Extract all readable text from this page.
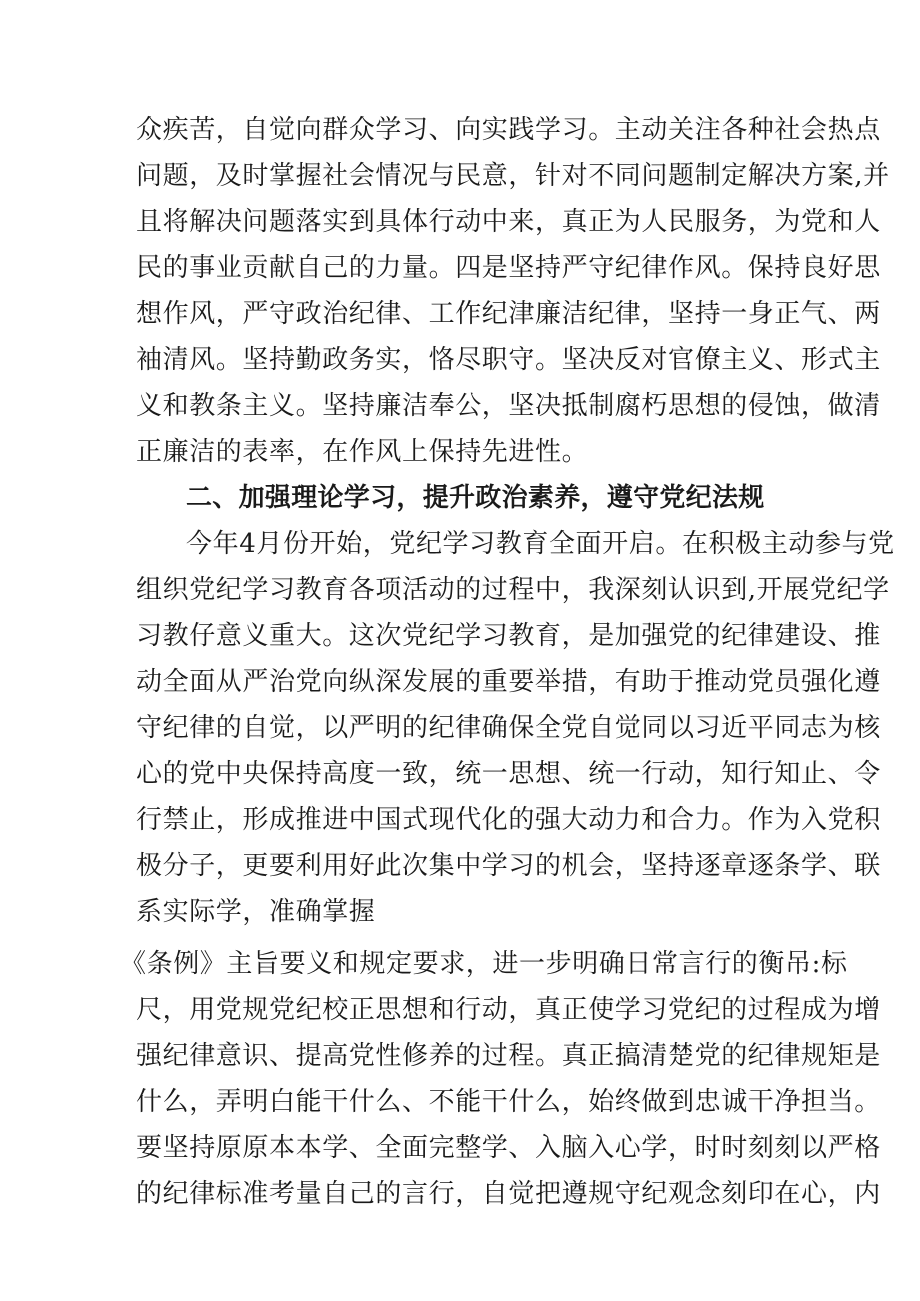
众疾苦，自觉向群众学习、向实践学习。主动关注各种社会热点
问题，及时掌握社会情况与民意，针对不同问题制定解决方案,并
且将解决问题落实到具体行动中来，真正为人民服务，为党和人
民的事业贡献自己的力量。四是坚持严守纪律作风。保持良好思
想作风，严守政治纪律、工作纪津廉洁纪律，坚持一身正气、两
袖清风。坚持勤政务实，恪尽职守。坚决反对官僚主义、形式主
义和教条主义。坚持廉洁奉公，坚决抵制腐朽思想的侵蚀，做清
正廉洁的表率，在作风上保持先进性。
二、加强理论学习，提升政治素养，遵守党纪法规
今年4月份开始，党纪学习教育全面开启。在积极主动参与党
组织党纪学习教育各项活动的过程中，我深刻认识到,开展党纪学
习教仔意义重大。这次党纪学习教育，是加强党的纪律建设、推
动全面从严治党向纵深发展的重要举措，有助于推动党员强化遵
守纪律的自觉，以严明的纪律确保全党自觉同以习近平同志为核
心的党中央保持高度一致，统一思想、统一行动，知行知止、令
行禁止，形成推进中国式现代化的强大动力和合力。作为入党积
极分子，更要利用好此次集中学习的机会，坚持逐章逐条学、联
系实际学，准确掌握
《条例》主旨要义和规定要求，进一步明确日常言行的衡吊:标
尺，用党规党纪校正思想和行动，真正使学习党纪的过程成为增
强纪律意识、提高党性修养的过程。真正搞清楚党的纪律规矩是
什么，弄明白能干什么、不能干什么，始终做到忠诚干净担当。
要坚持原原本本学、全面完整学、入脑入心学，时时刻刻以严格
的纪律标准考量自己的言行，自觉把遵规守纪观念刻印在心，内
